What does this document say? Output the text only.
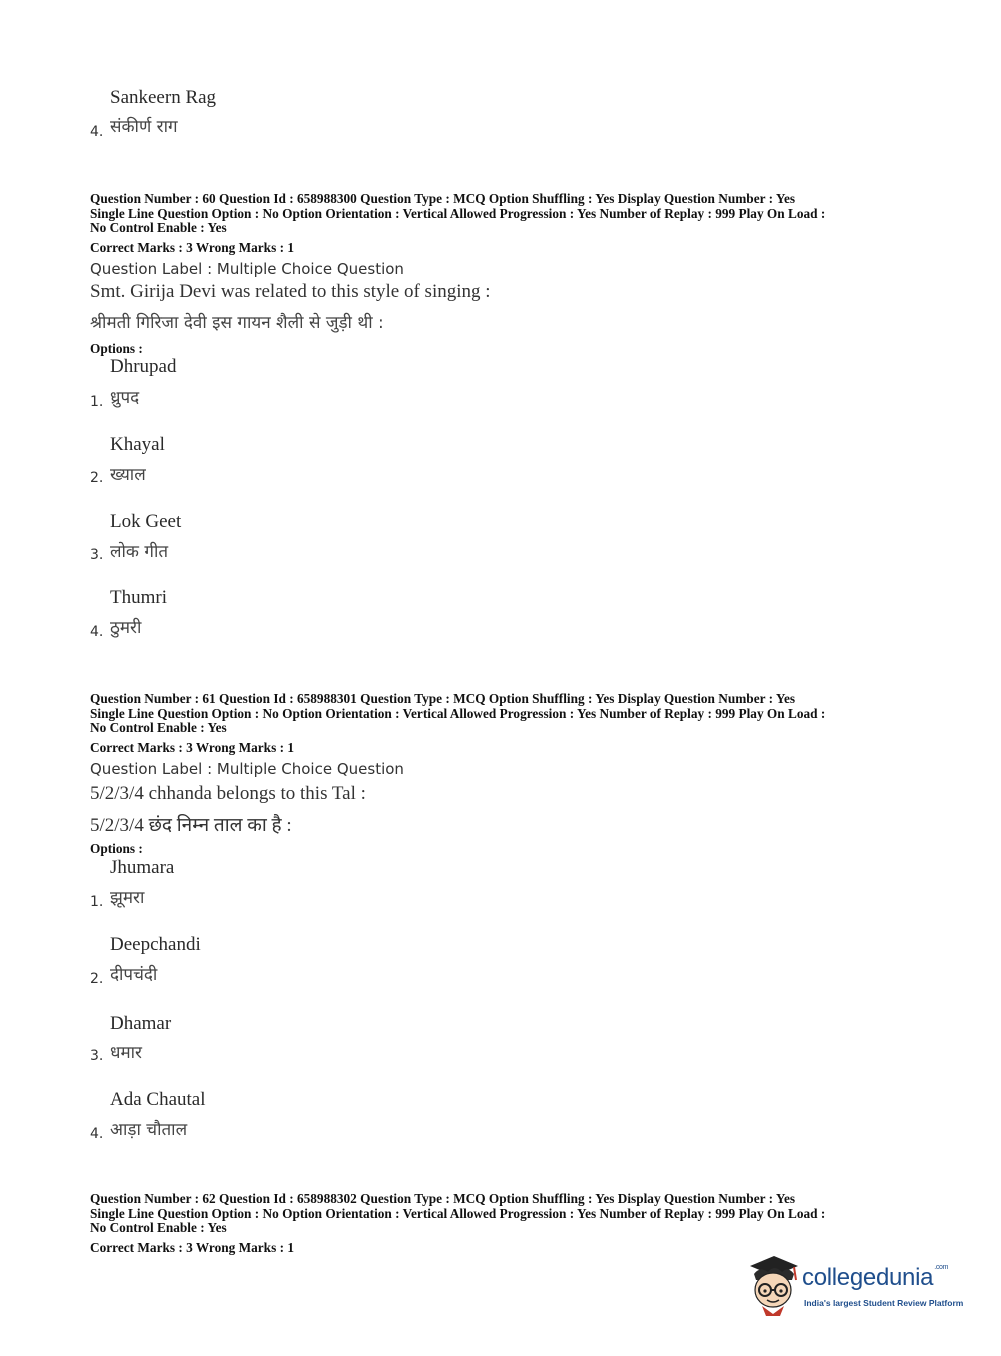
Sankeern Rag
4. संकीर्ण राग
Question Number : 60 Question Id : 658988300 Question Type : MCQ Option Shuffling : Yes Display Question Number : Yes
Single Line Question Option : No Option Orientation : Vertical Allowed Progression : Yes Number of Replay : 999 Play On Load :
No Control Enable : Yes
Correct Marks : 3 Wrong Marks : 1
Question Label : Multiple Choice Question
Smt. Girija Devi was related to this style of singing :
श्रीमती गिरिजा देवी इस गायन शैली से जुड़ी थी :
Options :
Dhrupad
1. ध्रुपद
Khayal
2. ख्याल
Lok Geet
3. लोक गीत
Thumri
4. ठुमरी
Question Number : 61 Question Id : 658988301 Question Type : MCQ Option Shuffling : Yes Display Question Number : Yes
Single Line Question Option : No Option Orientation : Vertical Allowed Progression : Yes Number of Replay : 999 Play On Load :
No Control Enable : Yes
Correct Marks : 3 Wrong Marks : 1
Question Label : Multiple Choice Question
5/2/3/4 chhanda belongs to this Tal :
5/2/3/4 छंद निम्न ताल का है :
Options :
Jhumara
1. झूमरा
Deepchandi
2. दीपचंदी
Dhamar
3. धमार
Ada Chautal
4. आड़ा चौताल
Question Number : 62 Question Id : 658988302 Question Type : MCQ Option Shuffling : Yes Display Question Number : Yes
Single Line Question Option : No Option Orientation : Vertical Allowed Progression : Yes Number of Replay : 999 Play On Load :
No Control Enable : Yes
Correct Marks : 3 Wrong Marks : 1
collegedunia$^{.com}$
India's largest Student Review Platform
